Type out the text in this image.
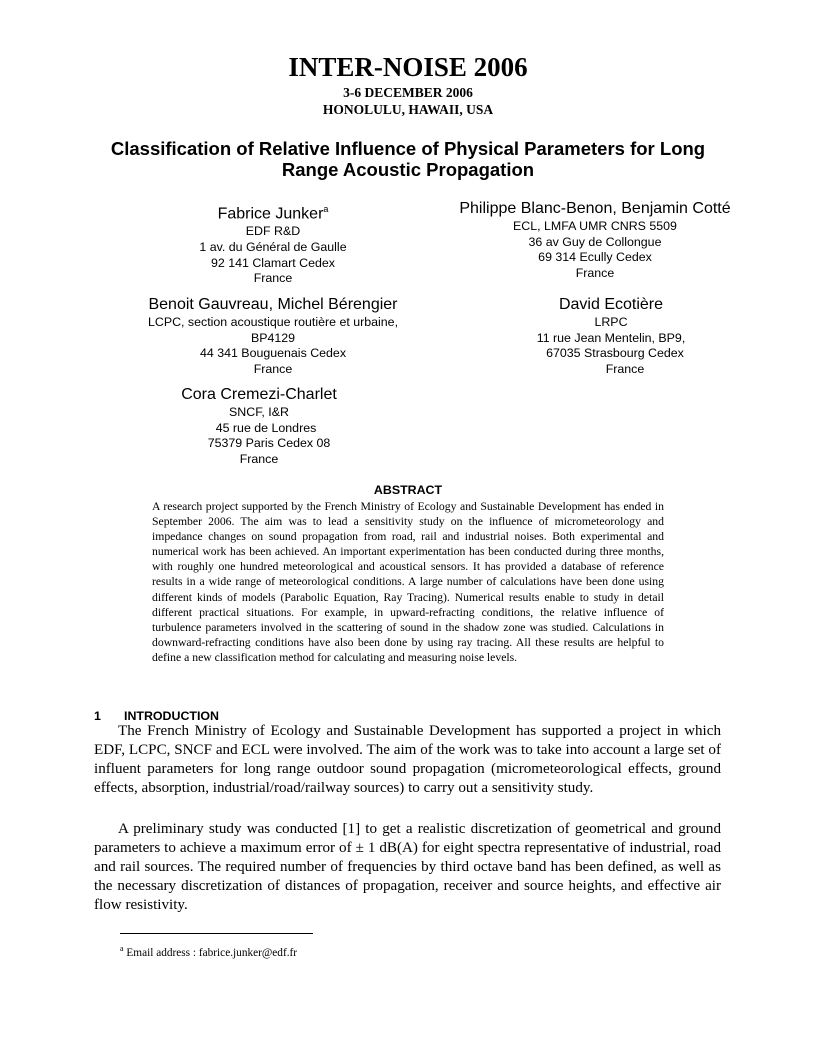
INTER-NOISE 2006
3-6 DECEMBER 2006
HONOLULU, HAWAII, USA
Classification of Relative Influence of Physical Parameters for Long Range Acoustic Propagation
Fabrice Junker$^a$
EDF R&D
1 av. du Général de Gaulle
92 141 Clamart Cedex
France
Philippe Blanc-Benon, Benjamin Cotté
ECL, LMFA UMR CNRS 5509
36 av Guy de Collongue
69 314 Ecully Cedex
France
Benoit Gauvreau, Michel Bérengier
LCPC, section acoustique routière et urbaine,
BP4129
44 341 Bouguenais Cedex
France
David Ecotière
LRPC
11 rue Jean Mentelin, BP9,
67035 Strasbourg Cedex
France
Cora Cremezi-Charlet
SNCF, I&R
45 rue de Londres
75379 Paris Cedex 08
France
ABSTRACT
A research project supported by the French Ministry of Ecology and Sustainable Development has ended in September 2006. The aim was to lead a sensitivity study on the influence of micrometeorology and impedance changes on sound propagation from road, rail and industrial noises. Both experimental and numerical work has been achieved. An important experimentation has been conducted during three months, with roughly one hundred meteorological and acoustical sensors. It has provided a database of reference results in a wide range of meteorological conditions. A large number of calculations have been done using different kinds of models (Parabolic Equation, Ray Tracing). Numerical results enable to study in detail different practical situations. For example, in upward-refracting conditions, the relative influence of turbulence parameters involved in the scattering of sound in the shadow zone was studied. Calculations in downward-refracting conditions have also been done by using ray tracing. All these results are helpful to define a new classification method for calculating and measuring noise levels.
1 INTRODUCTION
The French Ministry of Ecology and Sustainable Development has supported a project in which EDF, LCPC, SNCF and ECL were involved. The aim of the work was to take into account a large set of influent parameters for long range outdoor sound propagation (micrometeorological effects, ground effects, absorption, industrial/road/railway sources) to carry out a sensitivity study.
A preliminary study was conducted [1] to get a realistic discretization of geometrical and ground parameters to achieve a maximum error of ± 1 dB(A) for eight spectra representative of industrial, road and rail sources. The required number of frequencies by third octave band has been defined, as well as the necessary discretization of distances of propagation, receiver and source heights, and effective air flow resistivity.
$^a$ Email address : fabrice.junker@edf.fr
